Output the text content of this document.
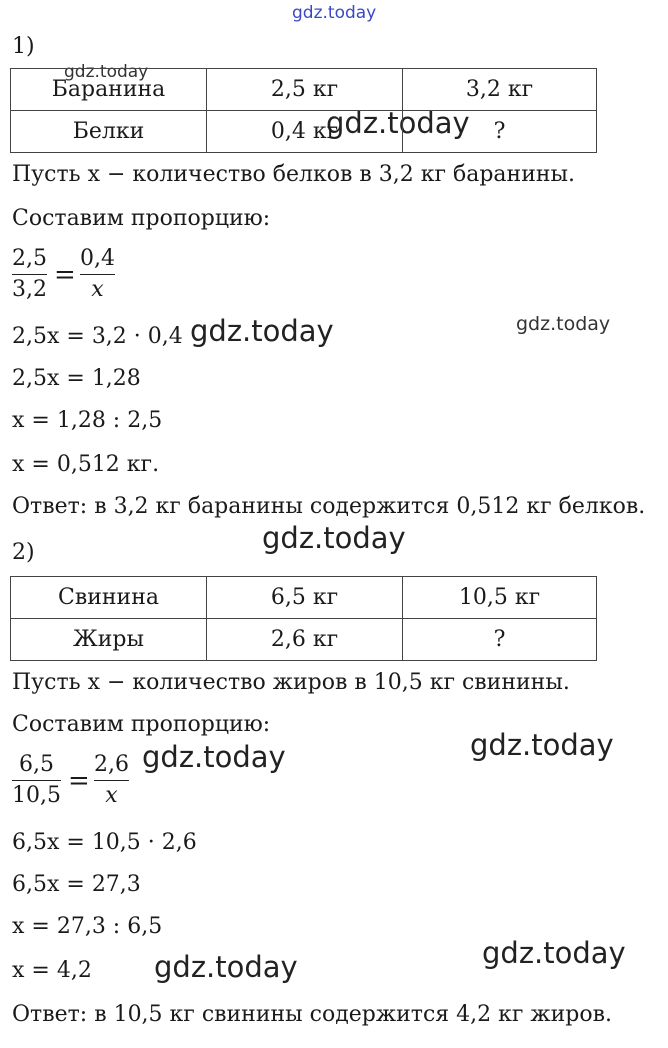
gdz.today
gdz.today
gdz.today
gdz.today	gdz.today
gdz.today
gdz.today	gdz.today
gdz.today
gdz.today
1)
Баранина	2,5 кг	3,2 кг
Белки	0,4 кг	?
Пусть x − количество белков в 3,2 кг баранины.
Составим пропорцию:
2,5
3,2 =
0,4
x
2,5x = 3,2 · 0,4
2,5x = 1,28
x = 1,28 : 2,5
x = 0,512 кг.
Ответ: в 3,2 кг баранины содержится 0,512 кг белков.
2)
Свинина	6,5 кг	10,5 кг
Жиры	2,6 кг	?
Пусть x − количество жиров в 10,5 кг свинины.
Составим пропорцию:
6,5
10,5 =
2,6
x
6,5x = 10,5 · 2,6
6,5x = 27,3
x = 27,3 : 6,5
x = 4,2
Ответ: в 10,5 кг свинины содержится 4,2 кг жиров.
